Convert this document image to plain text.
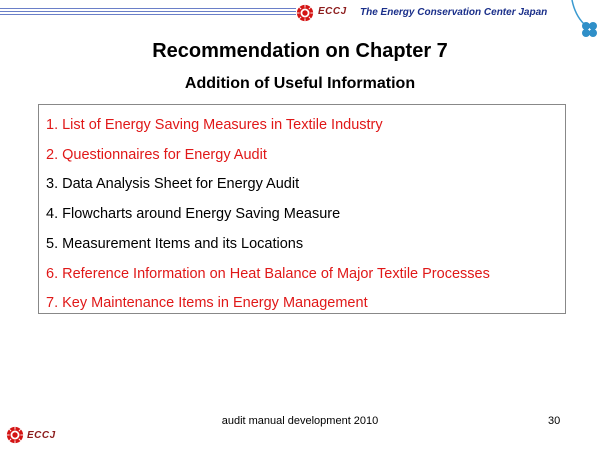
ECCJ The Energy Conservation Center Japan
Recommendation on Chapter 7
Addition of Useful Information
1. List of Energy Saving Measures in Textile Industry
2. Questionnaires for Energy Audit
3. Data Analysis Sheet for Energy Audit
4. Flowcharts around Energy Saving Measure
5. Measurement Items and its Locations
6. Reference Information on Heat Balance of Major Textile Processes
7. Key Maintenance Items in Energy Management
audit manual development 2010	30
ECCJ
